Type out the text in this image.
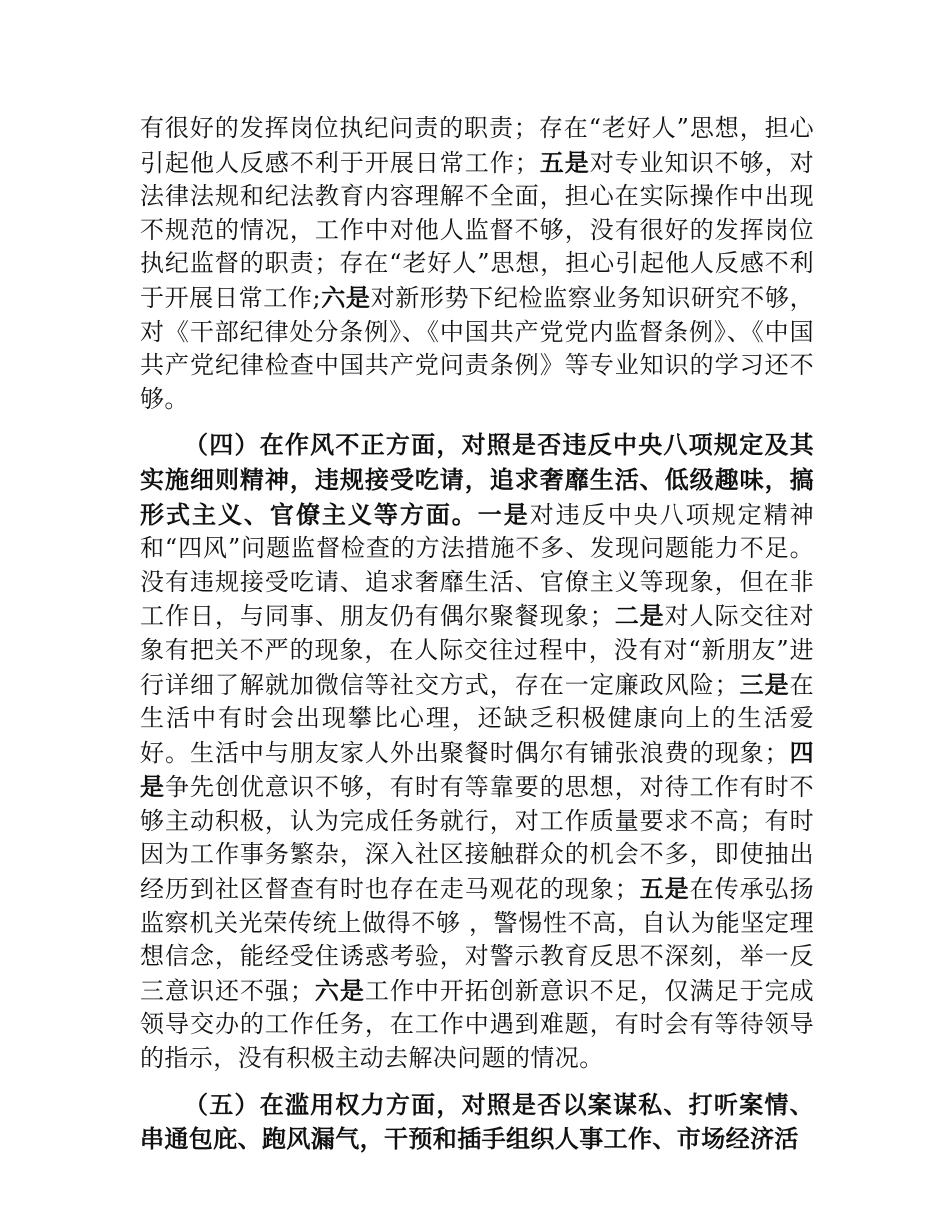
有很好的发挥岗位执纪问责的职责；存在“老好人”思想，担心引起他人反感不利于开展日常工作；五是对专业知识不够，对法律法规和纪法教育内容理解不全面，担心在实际操作中出现不规范的情况，工作中对他人监督不够，没有很好的发挥岗位执纪监督的职责；存在“老好人”思想，担心引起他人反感不利于开展日常工作;六是对新形势下纪检监察业务知识研究不够，对《干部纪律处分条例》、《中国共产党党内监督条例》、《中国共产党纪律检查中国共产党问责条例》等专业知识的学习还不够。

（四）在作风不正方面，对照是否违反中央八项规定及其实施细则精神，违规接受吃请，追求奢靡生活、低级趣味，搞形式主义、官僚主义等方面。一是对违反中央八项规定精神和“四风”问题监督检查的方法措施不多、发现问题能力不足。没有违规接受吃请、追求奢靡生活、官僚主义等现象，但在非工作日，与同事、朋友仍有偶尔聚餐现象；二是对人际交往对象有把关不严的现象，在人际交往过程中，没有对“新朋友”进行详细了解就加微信等社交方式，存在一定廉政风险；三是在生活中有时会出现攀比心理，还缺乏积极健康向上的生活爱好。生活中与朋友家人外出聚餐时偶尔有铺张浪费的现象；四是争先创优意识不够，有时有等靠要的思想，对待工作有时不够主动积极，认为完成任务就行，对工作质量要求不高；有时因为工作事务繁杂，深入社区接触群众的机会不多，即使抽出经历到社区督查有时也存在走马观花的现象；五是在传承弘扬监察机关光荣传统上做得不够 ，警惕性不高，自认为能坚定理想信念，能经受住诱惑考验，对警示教育反思不深刻，举一反三意识还不强；六是工作中开拓创新意识不足，仅满足于完成领导交办的工作任务，在工作中遇到难题，有时会有等待领导的指示，没有积极主动去解决问题的情况。

（五）在滥用权力方面，对照是否以案谋私、打听案情、串通包庇、跑风漏气，干预和插手组织人事工作、市场经济活
